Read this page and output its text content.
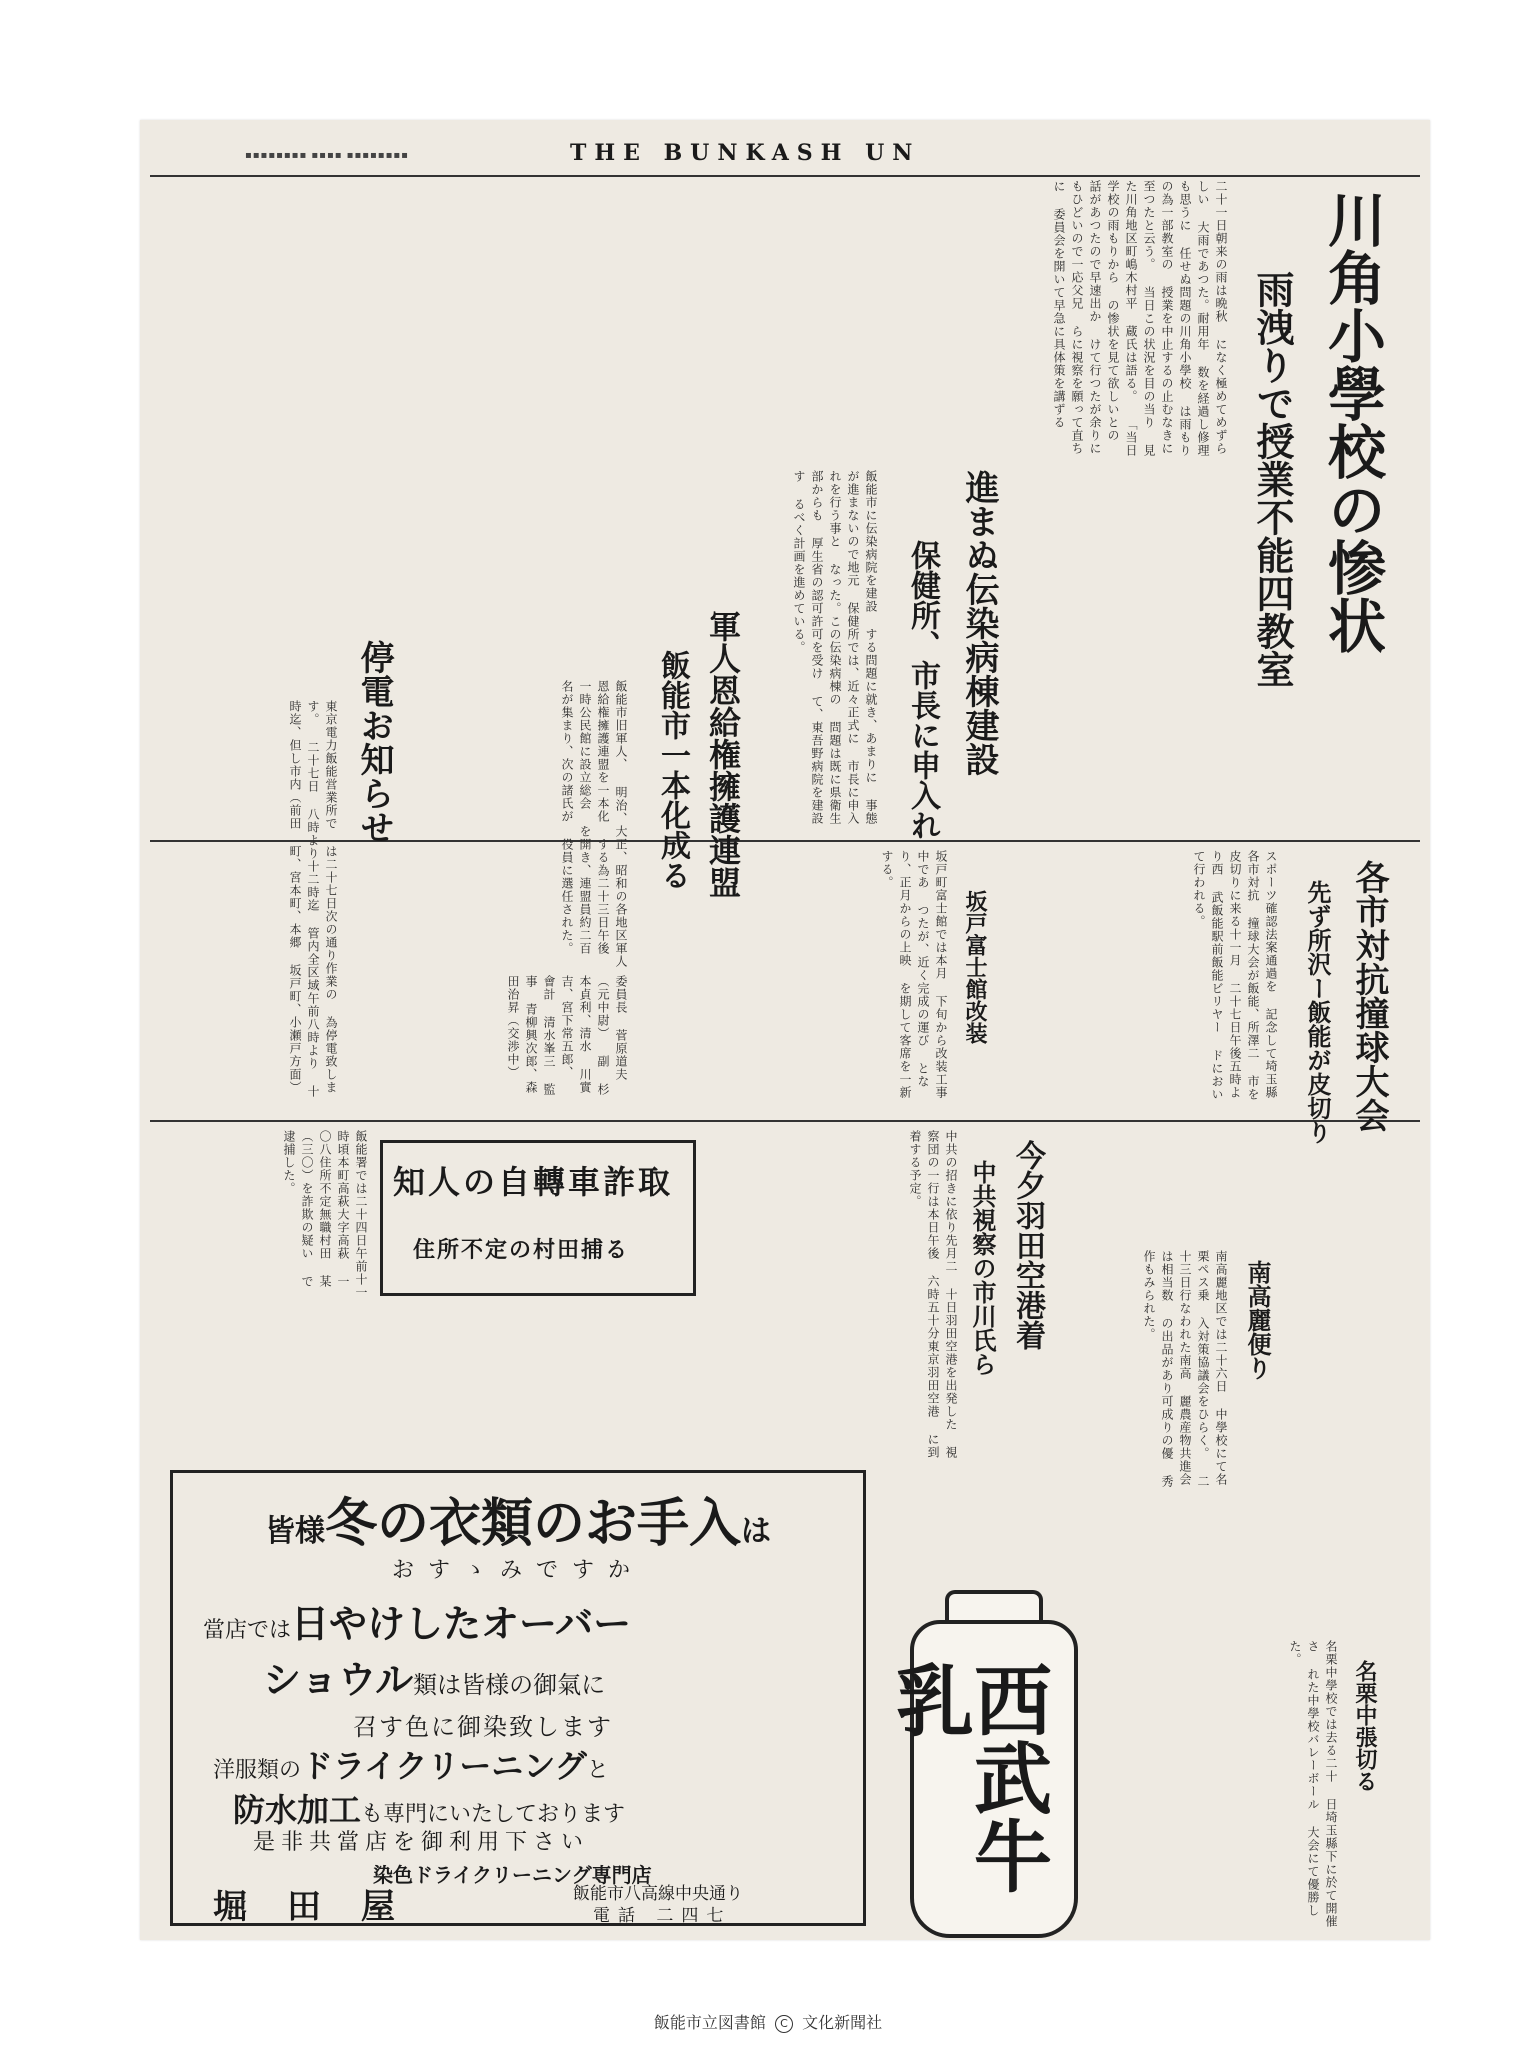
▪▪▪▪▪▪▪▪ ▪▪▪▪ ▪▪▪▪▪▪▪▪	THE BUNKASH UN
川角小學校の惨状
雨洩りで授業不能四教室
二十一日朝来の雨は晩秋 になく極めてめずらしい 大雨であつた。耐用年 数を経過し修理も思うに 任せぬ問題の川角小學校 は雨もりの為一部教室の 授業を中止するの止むなきに至つたと云う。 当日この状況を目の当り 見た川角地区町嶋木村平 蔵氏は語る。 「当日学校の雨もりから の惨状を見て欲しいとの 話があつたので早速出か けて行つたが余りにもひどいので一応父兄 らに視察を願って直ちに 委員会を開いて早急に具体策を講ずる
進まぬ伝染病棟建設
保健所、市長に申入れ
飯能市に伝染病院を建設 する問題に就き、あまりに 事態が進まないので地元 保健所では、近々正式に 市長に申入れを行う事と なった。この伝染病棟の 問題は既に県衛生部からも 厚生省の認可許可を受け て、東吾野病院を建設す るべく計画を進めている。
軍人恩給権擁護連盟
飯能市一本化成る
飯能市旧軍人、 明治、大正、昭和の各地区軍人 恩給権擁護連盟を一本化 する為二十三日午後 一時公民館に設立総会 を開き、連盟員約二百 名が集まり、次の諸氏が 役員に選任された。
委員長 菅原道夫（元中尉） 副 杉本貞利、清水 川實吉、宮下常五郎、 會計 清水峯三 監事 青柳興次郎、森田治昇（交渉中）
停電お知らせ
東京電力飯能営業所で は二十七日次の通り作業の 為停電致します。 二十七日 八時より十二時迄 管内全区域午前八時より 十時迄、但し市内（前田 町、宮本町、本郷 坂戸町、小瀬戸方面）	各市対抗撞球大会
先ず所沢ー飯能が皮切り
スポーツ確認法案通過を 記念して埼玉縣各市対抗 撞球大会が飯能、所澤二 市を皮切りに来る十一月 二十七日午後五時より西 武飯能駅前飯能ビリヤー ドにおいて行われる。
坂戸富士館改装
坂戸町富士館では本月 下旬から改装工事中であ つたが、近く完成の運び となり、正月からの上映 を期して客席を一新する。
知人の自轉車詐取
住所不定の村田捕る
飯能署では二十四日午前十一 時頃本町高萩大字高萩 一〇八住所不定無職村田 某（三〇）を詐欺の疑い で逮捕した。	今夕羽田空港着
中共視察の市川氏ら
中共の招きに依り先月二 十日羽田空港を出発した 視察団の一行は本日午後 六時五十分東京羽田空港 に到着する予定。
南高麗便り
南高麗地区では二十六日 中學校にて名栗ペス乗 入対策協議会をひらく。 二十三日行なわれた南高 麗農産物共進会は相当数 の出品があり可成りの優 秀作もみられた。
名栗中張切る
名栗中學校では去る二十 日埼玉縣下に於て開催さ れた中學校バレーボール 大会にて優勝した。
皆様冬の衣類のお手入は
おすゝみですか
當店では日やけしたオーバー
ショウル類は皆様の御氣に
召す色に御染致します
洋服類のドライクリーニングと
防水加工も専門にいたしております
是非共當店を御利用下さい
染色ドライクリーニング専門店
堀田屋	飯能市八高線中央通り
電話 二四七
西武牛乳
飯能市立図書館 C 文化新聞社
